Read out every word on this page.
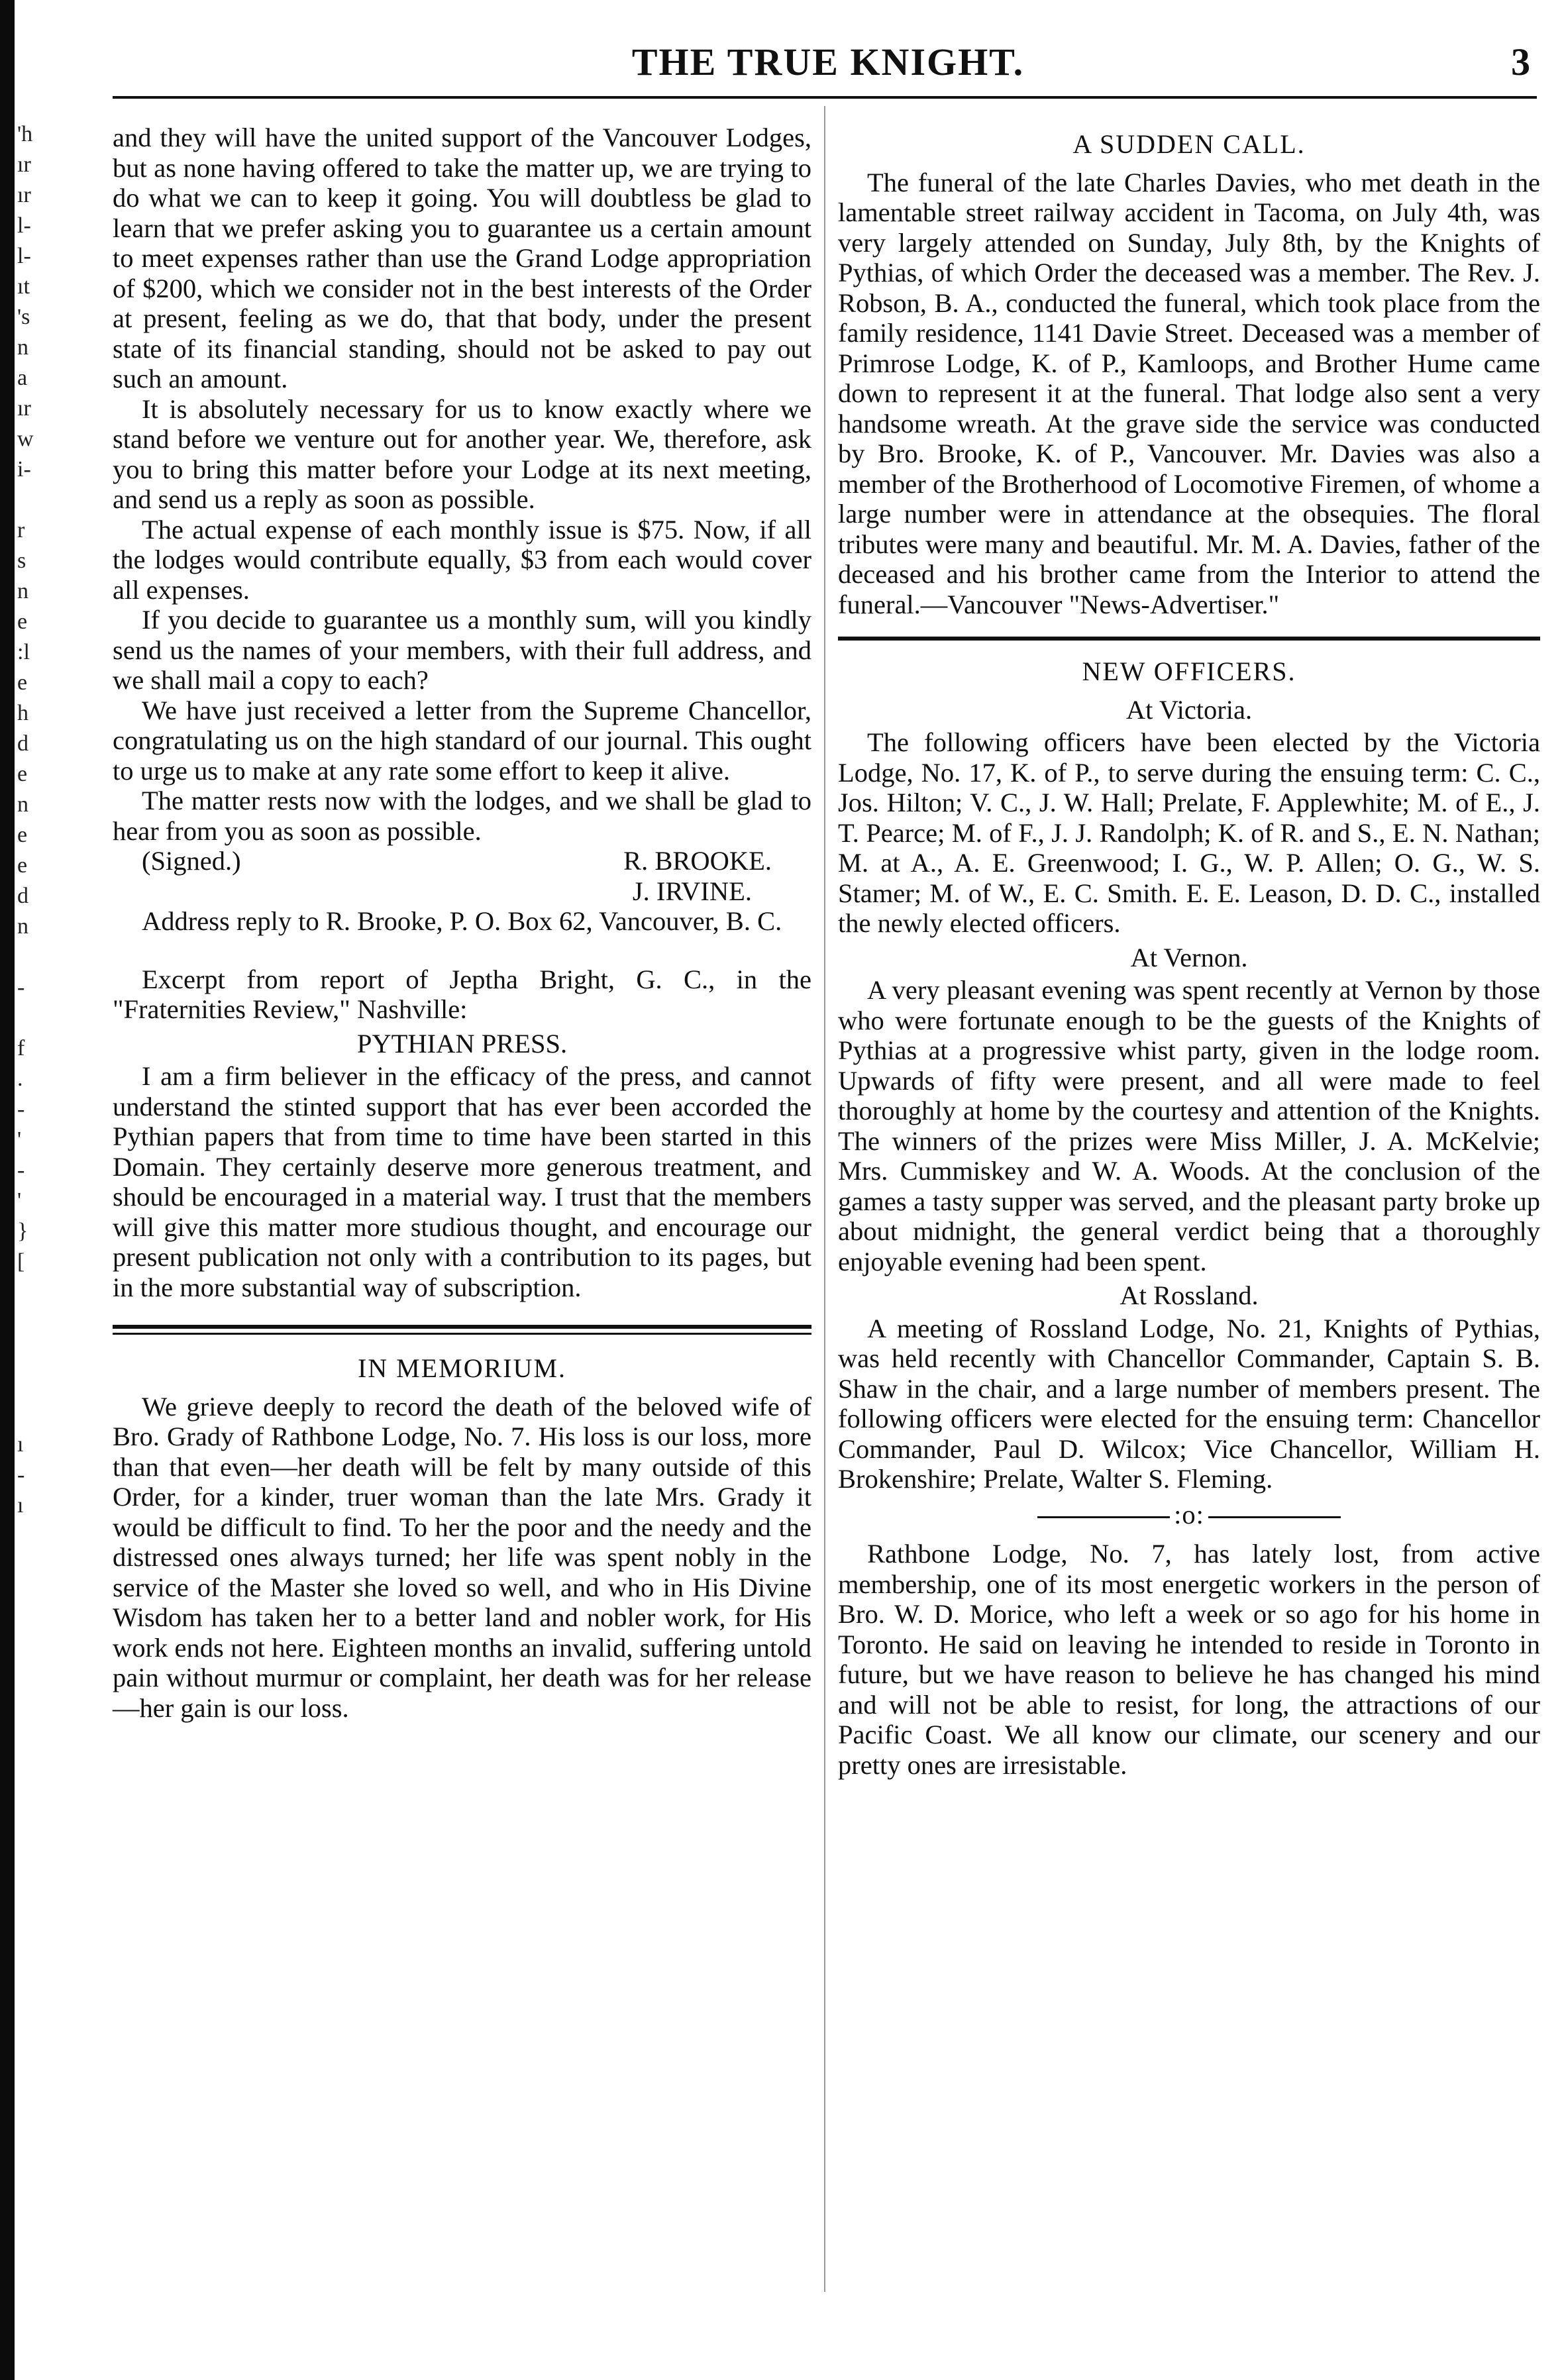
'h
ır
ır
l-
l-
ıt
's
n
a
ır
w
i-

r
s
n
e
:l
e
h
d
e
n
e
e
d
n

-

f
.
-
'
-
'
}
[

ı
-
ı
THE TRUE KNIGHT.	3

and they will have the united support of the Vancouver Lodges, but as none having offered to take the matter up, we are trying to do what we can to keep it going. You will doubtless be glad to learn that we prefer asking you to guarantee us a certain amount to meet expenses rather than use the Grand Lodge appropriation of $200, which we consider not in the best interests of the Order at present, feeling as we do, that that body, under the present state of its financial standing, should not be asked to pay out such an amount.

It is absolutely necessary for us to know exactly where we stand before we venture out for another year. We, therefore, ask you to bring this matter before your Lodge at its next meeting, and send us a reply as soon as possible.

The actual expense of each monthly issue is $75. Now, if all the lodges would contribute equally, $3 from each would cover all expenses.

If you decide to guarantee us a monthly sum, will you kindly send us the names of your members, with their full address, and we shall mail a copy to each?

We have just received a letter from the Supreme Chancellor, congratulating us on the high standard of our journal. This ought to urge us to make at any rate some effort to keep it alive.

The matter rests now with the lodges, and we shall be glad to hear from you as soon as possible.

(Signed.)	R. BROOKE.
J. IRVINE.

Address reply to R. Brooke, P. O. Box 62, Vancouver, B. C.

Excerpt from report of Jeptha Bright, G. C., in the "Fraternities Review," Nashville:

PYTHIAN PRESS.

I am a firm believer in the efficacy of the press, and cannot understand the stinted support that has ever been accorded the Pythian papers that from time to time have been started in this Domain. They certainly deserve more generous treatment, and should be encouraged in a material way. I trust that the members will give this matter more studious thought, and encourage our present publication not only with a contribution to its pages, but in the more substantial way of subscription.

IN MEMORIUM.

We grieve deeply to record the death of the beloved wife of Bro. Grady of Rathbone Lodge, No. 7. His loss is our loss, more than that even—her death will be felt by many outside of this Order, for a kinder, truer woman than the late Mrs. Grady it would be difficult to find. To her the poor and the needy and the distressed ones always turned; her life was spent nobly in the service of the Master she loved so well, and who in His Divine Wisdom has taken her to a better land and nobler work, for His work ends not here. Eighteen months an invalid, suffering untold pain without murmur or complaint, her death was for her release—her gain is our loss.

A SUDDEN CALL.

The funeral of the late Charles Davies, who met death in the lamentable street railway accident in Tacoma, on July 4th, was very largely attended on Sunday, July 8th, by the Knights of Pythias, of which Order the deceased was a member. The Rev. J. Robson, B. A., conducted the funeral, which took place from the family residence, 1141 Davie Street. Deceased was a member of Primrose Lodge, K. of P., Kamloops, and Brother Hume came down to represent it at the funeral. That lodge also sent a very handsome wreath. At the grave side the service was conducted by Bro. Brooke, K. of P., Vancouver. Mr. Davies was also a member of the Brotherhood of Locomotive Firemen, of whome a large number were in attendance at the obsequies. The floral tributes were many and beautiful. Mr. M. A. Davies, father of the deceased and his brother came from the Interior to attend the funeral.—Vancouver "News-Advertiser."

NEW OFFICERS.
At Victoria.

The following officers have been elected by the Victoria Lodge, No. 17, K. of P., to serve during the ensuing term: C. C., Jos. Hilton; V. C., J. W. Hall; Prelate, F. Applewhite; M. of E., J. T. Pearce; M. of F., J. J. Randolph; K. of R. and S., E. N. Nathan; M. at A., A. E. Greenwood; I. G., W. P. Allen; O. G., W. S. Stamer; M. of W., E. C. Smith. E. E. Leason, D. D. C., installed the newly elected officers.

At Vernon.

A very pleasant evening was spent recently at Vernon by those who were fortunate enough to be the guests of the Knights of Pythias at a progressive whist party, given in the lodge room. Upwards of fifty were present, and all were made to feel thoroughly at home by the courtesy and attention of the Knights. The winners of the prizes were Miss Miller, J. A. McKelvie; Mrs. Cummiskey and W. A. Woods. At the conclusion of the games a tasty supper was served, and the pleasant party broke up about midnight, the general verdict being that a thoroughly enjoyable evening had been spent.

At Rossland.

A meeting of Rossland Lodge, No. 21, Knights of Pythias, was held recently with Chancellor Commander, Captain S. B. Shaw in the chair, and a large number of members present. The following officers were elected for the ensuing term: Chancellor Commander, Paul D. Wilcox; Vice Chancellor, William H. Brokenshire; Prelate, Walter S. Fleming.

:o:

Rathbone Lodge, No. 7, has lately lost, from active membership, one of its most energetic workers in the person of Bro. W. D. Morice, who left a week or so ago for his home in Toronto. He said on leaving he intended to reside in Toronto in future, but we have reason to believe he has changed his mind and will not be able to resist, for long, the attractions of our Pacific Coast. We all know our climate, our scenery and our pretty ones are irresistable.
